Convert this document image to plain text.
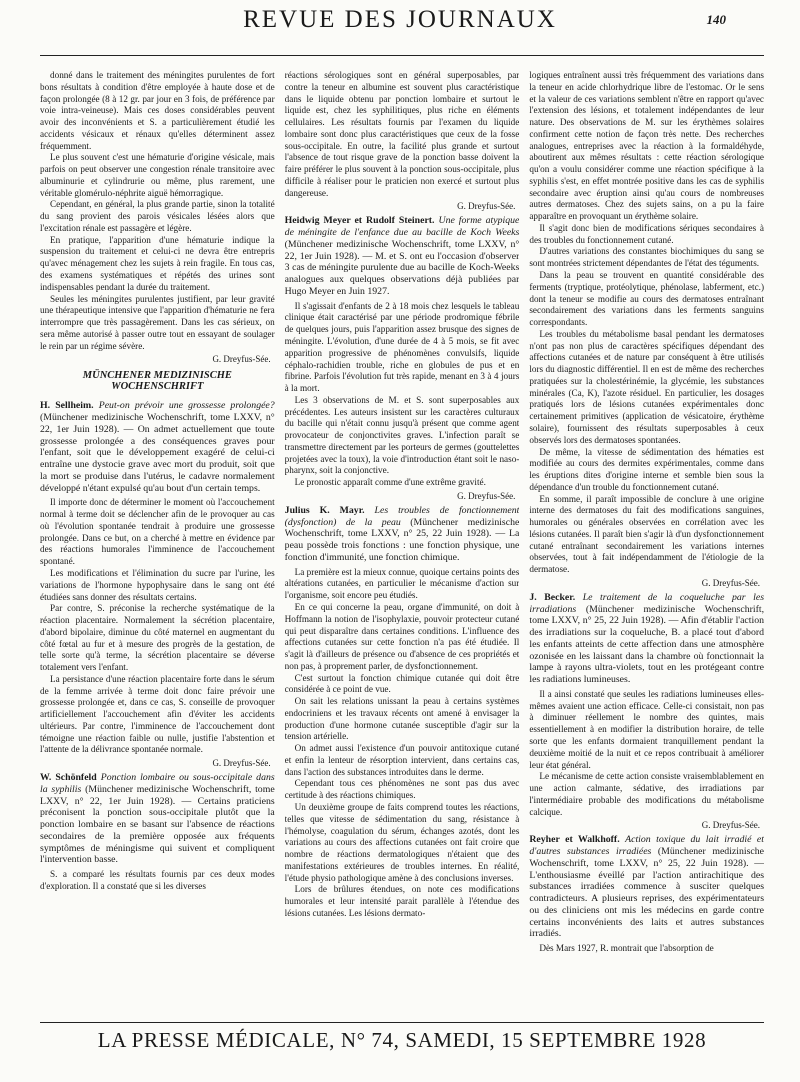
REVUE DES JOURNAUX	140

donné dans le traitement des méningites purulentes de fort bons résultats à condition d'être employée à haute dose et de façon prolongée (8 à 12 gr. par jour en 3 fois, de préférence par voie intra-veineuse). Mais ces doses considérables peuvent avoir des inconvénients et S. a particulièrement étudié les accidents vésicaux et rénaux qu'elles déterminent assez fréquemment.

Le plus souvent c'est une hématurie d'origine vésicale, mais parfois on peut observer une congestion rénale transitoire avec albuminurie et cylindrurie ou même, plus rarement, une véritable glomérulo-néphrite aiguë hémorragique.

Cependant, en général, la plus grande partie, sinon la totalité du sang provient des parois vésicales lésées alors que l'excitation rénale est passagère et légère.

En pratique, l'apparition d'une hématurie indique la suspension du traitement et celui-ci ne devra être entrepris qu'avec ménagement chez les sujets à rein fragile. En tous cas, des examens systématiques et répétés des urines sont indispensables pendant la durée du traitement.

Seules les méningites purulentes justifient, par leur gravité une thérapeutique intensive que l'apparition d'hématurie ne fera interrompre que très passagèrement. Dans les cas sérieux, on sera même autorisé à passer outre tout en essayant de soulager le rein par un régime sévère.

G. Dreyfus-Sée.
MÜNCHENER MEDIZINISCHE
WOCHENSCHRIFT

H. Sellheim. Peut-on prévoir une grossesse prolongée? (Münchener medizinische Wochenschrift, tome LXXV, n° 22, 1er Juin 1928). — On admet actuellement que toute grossesse prolongée a des conséquences graves pour l'enfant, soit que le développement exagéré de celui-ci entraîne une dystocie grave avec mort du produit, soit que la mort se produise dans l'utérus, le cadavre normalement développé n'étant expulsé qu'au bout d'un certain temps.

Il importe donc de déterminer le moment où l'accouchement normal à terme doit se déclencher afin de le provoquer au cas où l'évolution spontanée tendrait à produire une grossesse prolongée. Dans ce but, on a cherché à mettre en évidence par des réactions humorales l'imminence de l'accouchement spontané.

Les modifications et l'élimination du sucre par l'urine, les variations de l'hormone hypophysaire dans le sang ont été étudiées sans donner des résultats certains.

Par contre, S. préconise la recherche systématique de la réaction placentaire. Normalement la sécrétion placentaire, d'abord bipolaire, diminue du côté maternel en augmentant du côté fœtal au fur et à mesure des progrès de la gestation, de telle sorte qu'à terme, la sécrétion placentaire se déverse totalement vers l'enfant.

La persistance d'une réaction placentaire forte dans le sérum de la femme arrivée à terme doit donc faire prévoir une grossesse prolongée et, dans ce cas, S. conseille de provoquer artificiellement l'accouchement afin d'éviter les accidents ultérieurs. Par contre, l'imminence de l'accouchement dont témoigne une réaction faible ou nulle, justifie l'abstention et l'attente de la délivrance spontanée normale.

G. Dreyfus-Sée.

W. Schönfeld Ponction lombaire ou sous-occipitale dans la syphilis (Münchener medizinische Wochenschrift, tome LXXV, n° 22, 1er Juin 1928). — Certains praticiens préconisent la ponction sous-occipitale plutôt que la ponction lombaire en se basant sur l'absence de réactions secondaires de la première opposée aux fréquents symptômes de méningisme qui suivent et compliquent l'intervention basse.

S. a comparé les résultats fournis par ces deux modes d'exploration. Il a constaté que si les diverses

réactions sérologiques sont en général superposables, par contre la teneur en albumine est souvent plus caractéristique dans le liquide obtenu par ponction lombaire et surtout le liquide est, chez les syphilitiques, plus riche en éléments cellulaires. Les résultats fournis par l'examen du liquide lombaire sont donc plus caractéristiques que ceux de la fosse sous-occipitale. En outre, la facilité plus grande et surtout l'absence de tout risque grave de la ponction basse doivent la faire préférer le plus souvent à la ponction sous-occipitale, plus difficile à réaliser pour le praticien non exercé et surtout plus dangereuse.

G. Dreyfus-Sée.

Heidwig Meyer et Rudolf Steinert. Une forme atypique de méningite de l'enfance due au bacille de Koch Weeks (Münchener medizinische Wochenschrift, tome LXXV, n° 22, 1er Juin 1928). — M. et S. ont eu l'occasion d'observer 3 cas de méningite purulente due au bacille de Koch-Weeks analogues aux quelques observations déjà publiées par Hugo Meyer en Juin 1927.

Il s'agissait d'enfants de 2 à 18 mois chez lesquels le tableau clinique était caractérisé par une période prodromique fébrile de quelques jours, puis l'apparition assez brusque des signes de méningite. L'évolution, d'une durée de 4 à 5 mois, se fit avec apparition progressive de phénomènes convulsifs, liquide céphalo-rachidien trouble, riche en globules de pus et en fibrine. Parfois l'évolution fut très rapide, menant en 3 à 4 jours à la mort.

Les 3 observations de M. et S. sont superposables aux précédentes. Les auteurs insistent sur les caractères culturaux du bacille qui n'était connu jusqu'à présent que comme agent provocateur de conjonctivites graves. L'infection paraît se transmettre directement par les porteurs de germes (gouttelettes projetées avec la toux), la voie d'introduction étant soit le naso-pharynx, soit la conjonctive.

Le pronostic apparaît comme d'une extrême gravité.

G. Dreyfus-Sée.

Julius K. Mayr. Les troubles de fonctionnement (dysfonction) de la peau (Münchener medizinische Wochenschrift, tome LXXV, n° 25, 22 Juin 1928). — La peau possède trois fonctions : une fonction physique, une fonction d'immunité, une fonction chimique.

La première est la mieux connue, quoique certains points des altérations cutanées, en particulier le mécanisme d'action sur l'organisme, soit encore peu étudiés.

En ce qui concerne la peau, organe d'immunité, on doit à Hoffmann la notion de l'isophylaxie, pouvoir protecteur cutané qui peut disparaître dans certaines conditions. L'influence des affections cutanées sur cette fonction n'a pas été étudiée. Il s'agit là d'ailleurs de présence ou d'absence de ces propriétés et non pas, à proprement parler, de dysfonctionnement.

C'est surtout la fonction chimique cutanée qui doit être considérée à ce point de vue.

On sait les relations unissant la peau à certains systèmes endocriniens et les travaux récents ont amené à envisager la production d'une hormone cutanée susceptible d'agir sur la tension artérielle.

On admet aussi l'existence d'un pouvoir antitoxique cutané et enfin la lenteur de résorption intervient, dans certains cas, dans l'action des substances introduites dans le derme.

Cependant tous ces phénomènes ne sont pas dus avec certitude à des réactions chimiques.

Un deuxième groupe de faits comprend toutes les réactions, telles que vitesse de sédimentation du sang, résistance à l'hémolyse, coagulation du sérum, échanges azotés, dont les variations au cours des affections cutanées ont fait croire que nombre de réactions dermatologiques n'étaient que des manifestations extérieures de troubles internes. En réalité, l'étude physio pathologique amène à des conclusions inverses.

Lors de brûlures étendues, on note ces modifications humorales et leur intensité parait parallèle à l'étendue des lésions cutanées. Les lésions dermato-

logiques entraînent aussi très fréquemment des variations dans la teneur en acide chlorhydrique libre de l'estomac. Or le sens et la valeur de ces variations semblent n'être en rapport qu'avec l'extension des lésions, et totalement indépendantes de leur nature. Des observations de M. sur les érythèmes solaires confirment cette notion de façon très nette. Des recherches analogues, entreprises avec la réaction à la formaldéhyde, aboutirent aux mêmes résultats : cette réaction sérologique qu'on a voulu considérer comme une réaction spécifique à la syphilis s'est, en effet montrée positive dans les cas de syphilis secondaire avec éruption ainsi qu'au cours de nombreuses autres dermatoses. Chez des sujets sains, on a pu la faire apparaître en provoquant un érythème solaire.

Il s'agit donc bien de modifications sériques secondaires à des troubles du fonctionnement cutané.

D'autres variations des constantes biochimiques du sang se sont montrées strictement dépendantes de l'état des téguments.

Dans la peau se trouvent en quantité considérable des ferments (tryptique, protéolytique, phénolase, labferment, etc.) dont la teneur se modifie au cours des dermatoses entraînant secondairement des variations dans les ferments sanguins correspondants.

Les troubles du métabolisme basal pendant les dermatoses n'ont pas non plus de caractères spécifiques dépendant des affections cutanées et de nature par conséquent à être utilisés lors du diagnostic différentiel. Il en est de même des recherches pratiquées sur la cholestérinémie, la glycémie, les substances minérales (Ca, K), l'azote résiduel. En particulier, les dosages pratiqués lors de lésions cutanées expérimentales donc certainement primitives (application de vésicatoire, érythème solaire), fournissent des résultats superposables à ceux observés lors des dermatoses spontanées.

De même, la vitesse de sédimentation des hématies est modifiée au cours des dermites expérimentales, comme dans les éruptions dites d'origine interne et semble bien sous la dépendance d'un trouble du fonctionnement cutané.

En somme, il paraît impossible de conclure à une origine interne des dermatoses du fait des modifications sanguines, humorales ou générales observées en corrélation avec les lésions cutanées. Il paraît bien s'agir là d'un dysfonctionnement cutané entraînant secondairement les variations internes observées, tout à fait indépendamment de l'étiologie de la dermatose.

G. Dreyfus-Sée.

J. Becker. Le traitement de la coqueluche par les irradiations (Münchener medizinische Wochenschrift, tome LXXV, n° 25, 22 Juin 1928). — Afin d'établir l'action des irradiations sur la coqueluche, B. a placé tout d'abord les enfants atteints de cette affection dans une atmosphère ozonisée en les laissant dans la chambre où fonctionnait la lampe à rayons ultra-violets, tout en les protégeant contre les radiations lumineuses.

Il a ainsi constaté que seules les radiations lumineuses elles-mêmes avaient une action efficace. Celle-ci consistait, non pas à diminuer réellement le nombre des quintes, mais essentiellement à en modifier la distribution horaire, de telle sorte que les enfants dormaient tranquillement pendant la deuxième moitié de la nuit et ce repos contribuait à améliorer leur état général.

Le mécanisme de cette action consiste vraisemblablement en une action calmante, sédative, des irradiations par l'intermédiaire probable des modifications du métabolisme calcique.

G. Dreyfus-Sée.

Reyher et Walkhoff. Action toxique du lait irradié et d'autres substances irradiées (Münchener medizinische Wochenschrift, tome LXXV, n° 25, 22 Juin 1928). — L'enthousiasme éveillé par l'action antirachitique des substances irradiées commence à susciter quelques contradicteurs. A plusieurs reprises, des expérimentateurs ou des cliniciens ont mis les médecins en garde contre certains inconvénients des laits et autres substances irradiés.

Dès Mars 1927, R. montrait que l'absorption de

LA PRESSE MÉDICALE, N° 74, SAMEDI, 15 SEPTEMBRE 1928
